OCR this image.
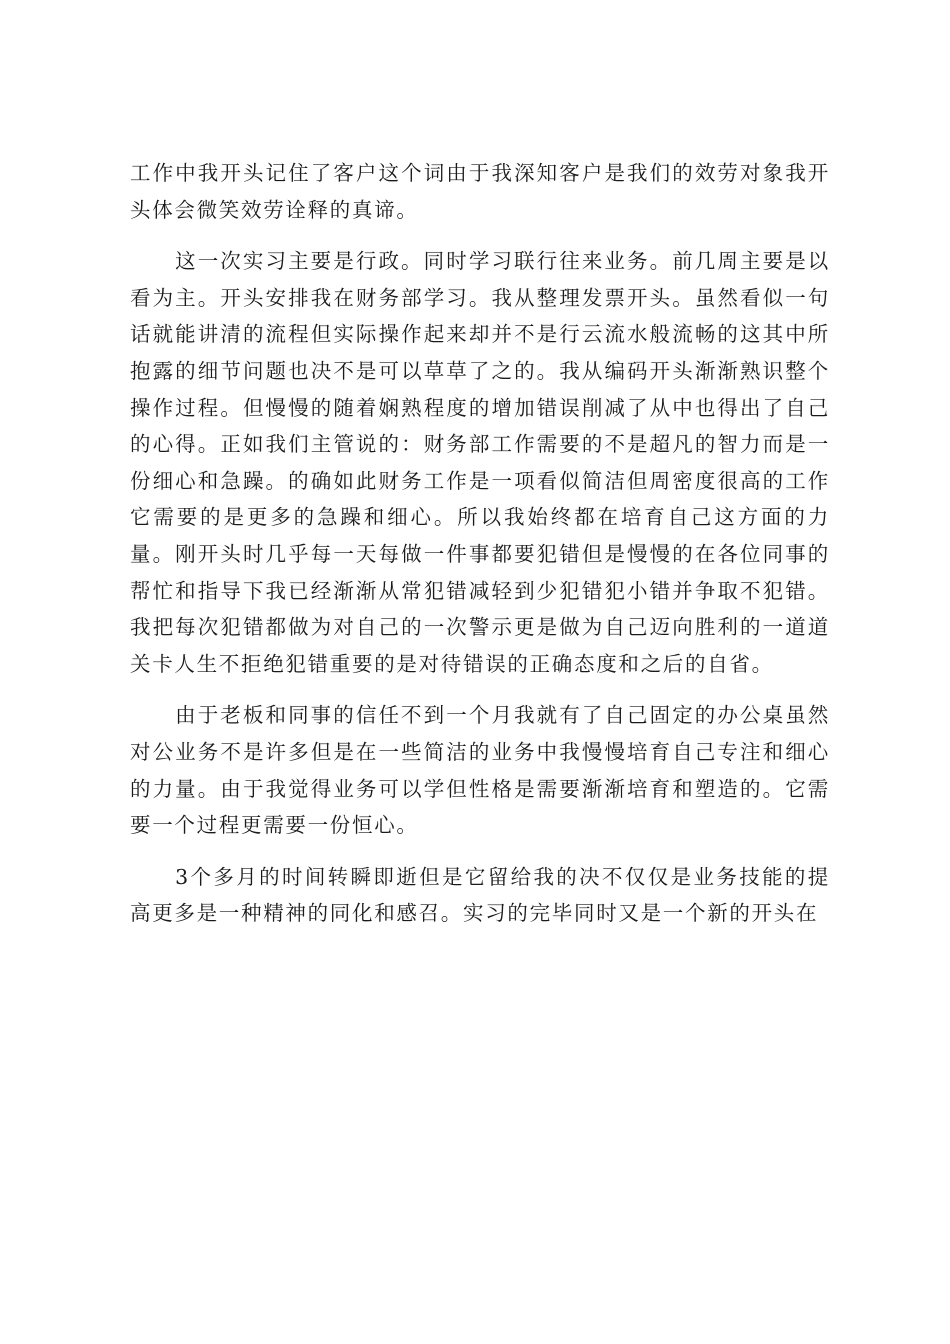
工作中我开头记住了客户这个词由于我深知客户是我们的效劳对象我开头体会微笑效劳诠释的真谛。

这一次实习主要是行政。同时学习联行往来业务。前几周主要是以看为主。开头安排我在财务部学习。我从整理发票开头。虽然看似一句话就能讲清的流程但实际操作起来却并不是行云流水般流畅的这其中所抱露的细节问题也决不是可以草草了之的。我从编码开头渐渐熟识整个操作过程。但慢慢的随着娴熟程度的增加错误削减了从中也得出了自己的心得。正如我们主管说的：财务部工作需要的不是超凡的智力而是一份细心和急躁。的确如此财务工作是一项看似简洁但周密度很高的工作它需要的是更多的急躁和细心。所以我始终都在培育自己这方面的力量。刚开头时几乎每一天每做一件事都要犯错但是慢慢的在各位同事的帮忙和指导下我已经渐渐从常犯错减轻到少犯错犯小错并争取不犯错。我把每次犯错都做为对自己的一次警示更是做为自己迈向胜利的一道道关卡人生不拒绝犯错重要的是对待错误的正确态度和之后的自省。

由于老板和同事的信任不到一个月我就有了自己固定的办公桌虽然对公业务不是许多但是在一些简洁的业务中我慢慢培育自己专注和细心的力量。由于我觉得业务可以学但性格是需要渐渐培育和塑造的。它需要一个过程更需要一份恒心。

3个多月的时间转瞬即逝但是它留给我的决不仅仅是业务技能的提高更多是一种精神的同化和感召。实习的完毕同时又是一个新的开头在
